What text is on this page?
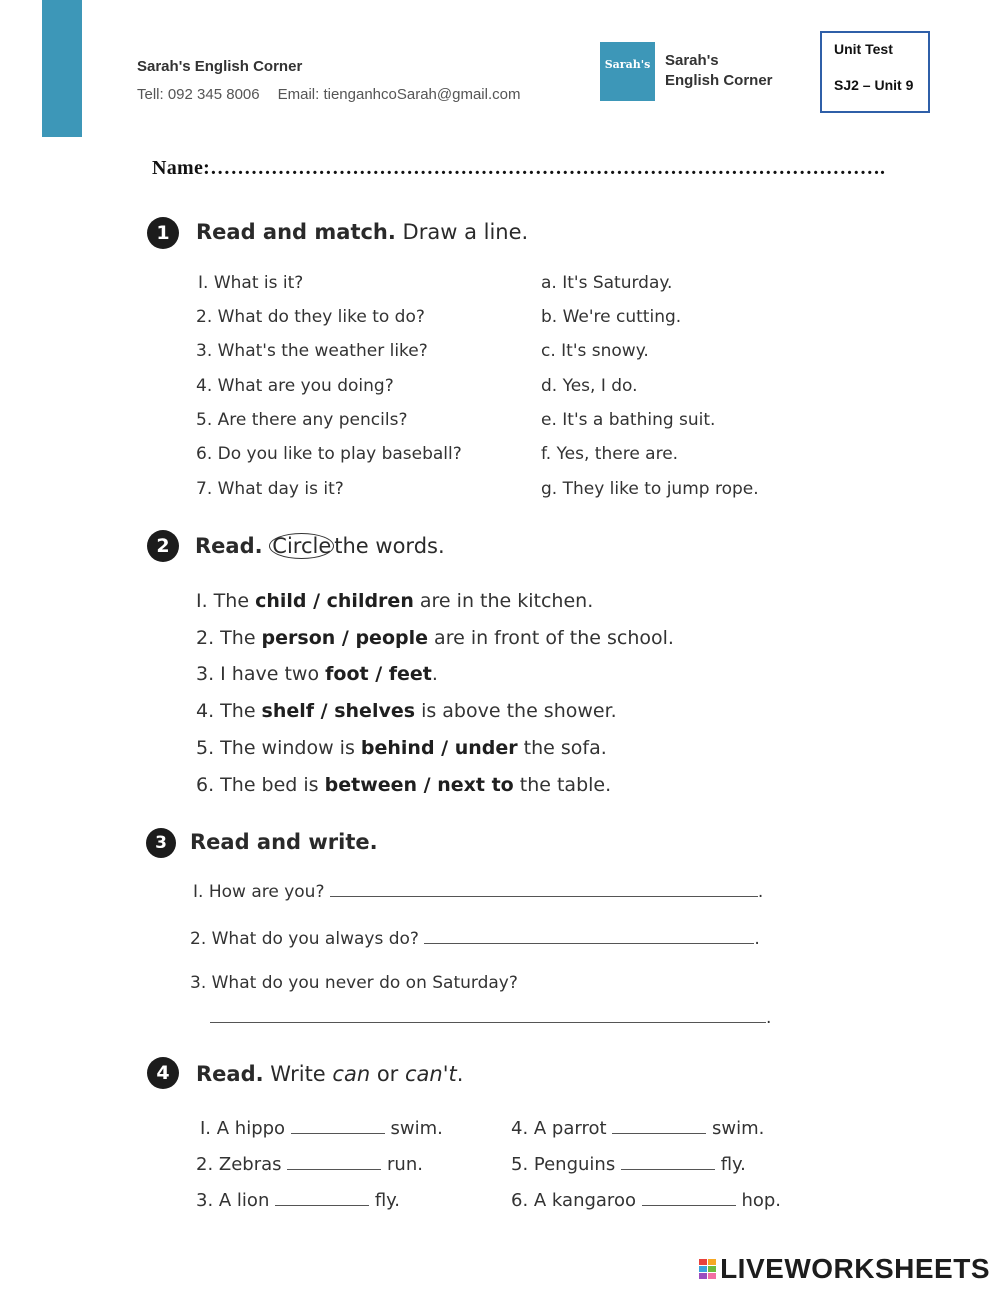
Sarah's English Corner
Tell: 092 345 8006 Email: tienganhcoSarah@gmail.com
Sarah's Sarah's
English Corner
Unit Test
SJ2 – Unit 9
Name:……………………………………………………………………………………….
1	Read and match. Draw a line.
I. What is it?
2. What do they like to do?
3. What's the weather like?
4. What are you doing?
5. Are there any pencils?
6. Do you like to play baseball?
7. What day is it?
a. It's Saturday.
b. We're cutting.
c. It's snowy.
d. Yes, I do.
e. It's a bathing suit.
f. Yes, there are.
g. They like to jump rope.
2	Read. Circle the words.
I. The child / children are in the kitchen.
2. The person / people are in front of the school.
3. I have two foot / feet.
4. The shelf / shelves is above the shower.
5. The window is behind / under the sofa.
6. The bed is between / next to the table.
3	Read and write.
I. How are you?	.
2. What do you always do?	.
3. What do you never do on Saturday?
.
4	Read. Write can or can't.
I. A hippo	swim.
2. Zebras	run.
3. A lion	fly.
4. A parrot	swim.
5. Penguins	fly.
6. A kangaroo	hop.
LIVEWORKSHEETS
